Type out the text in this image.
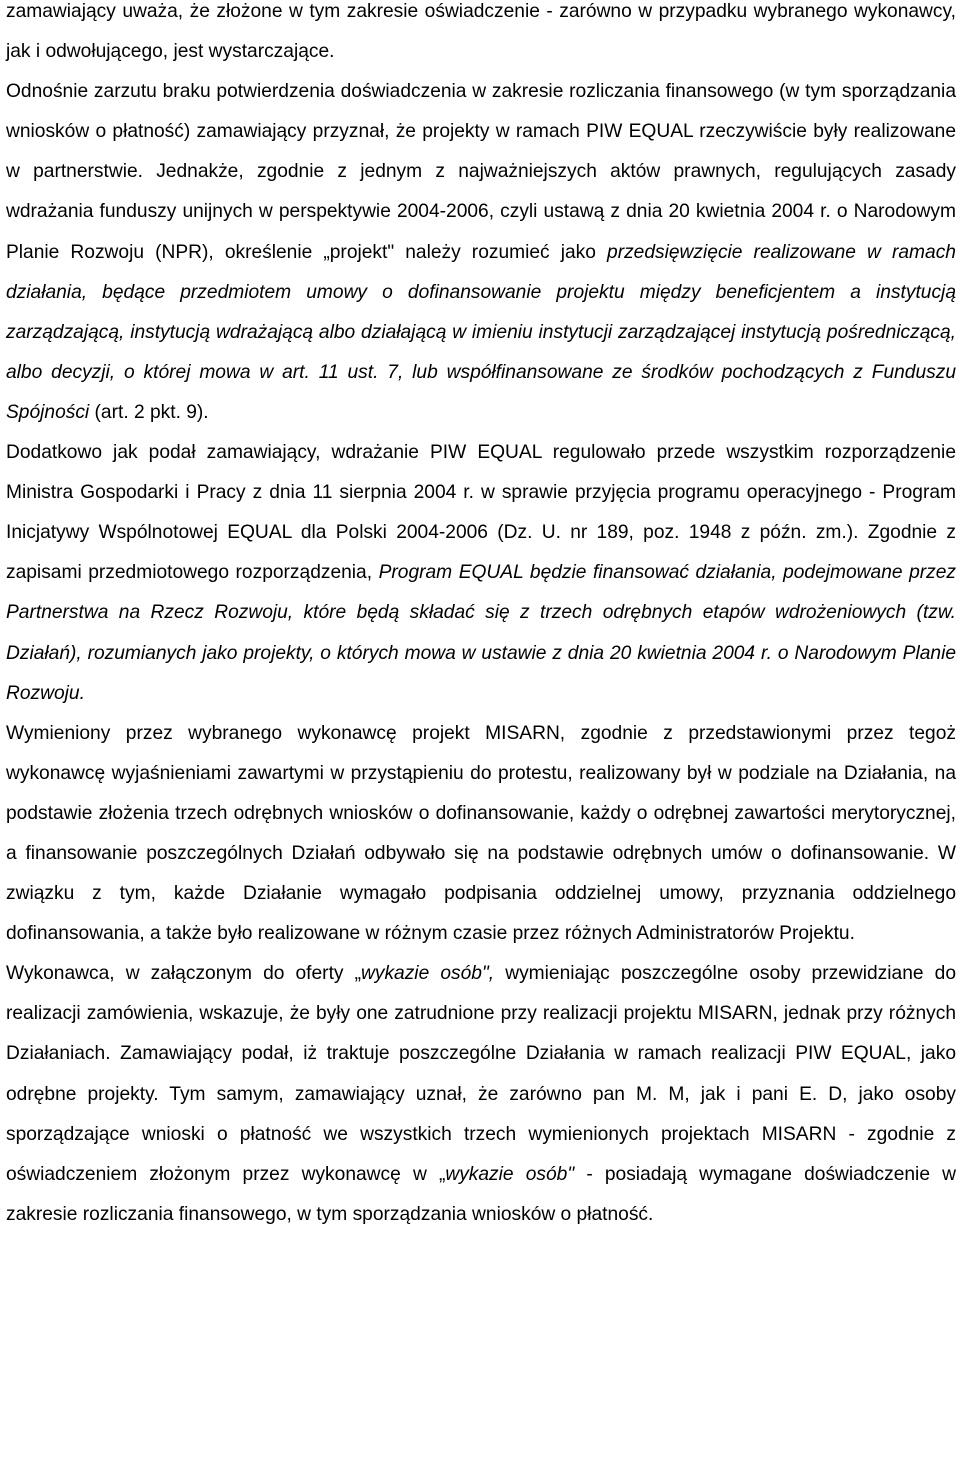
zamawiający uważa, że złożone w tym zakresie oświadczenie - zarówno w przypadku wybranego wykonawcy, jak i odwołującego, jest wystarczające.

Odnośnie zarzutu braku potwierdzenia doświadczenia w zakresie rozliczania finansowego (w tym sporządzania wniosków o płatność) zamawiający przyznał, że projekty w ramach PIW EQUAL rzeczywiście były realizowane w partnerstwie. Jednakże, zgodnie z jednym z najważniejszych aktów prawnych, regulujących zasady wdrażania funduszy unijnych w perspektywie 2004-2006, czyli ustawą z dnia 20 kwietnia 2004 r. o Narodowym Planie Rozwoju (NPR), określenie „projekt" należy rozumieć jako przedsięwzięcie realizowane w ramach działania, będące przedmiotem umowy o dofinansowanie projektu między beneficjentem a instytucją zarządzającą, instytucją wdrażającą albo działającą w imieniu instytucji zarządzającej instytucją pośredniczącą, albo decyzji, o której mowa w art. 11 ust. 7, lub współfinansowane ze środków pochodzących z Funduszu Spójności (art. 2 pkt. 9).

Dodatkowo jak podał zamawiający, wdrażanie PIW EQUAL regulowało przede wszystkim rozporządzenie Ministra Gospodarki i Pracy z dnia 11 sierpnia 2004 r. w sprawie przyjęcia programu operacyjnego - Program Inicjatywy Wspólnotowej EQUAL dla Polski 2004-2006 (Dz. U. nr 189, poz. 1948 z późn. zm.). Zgodnie z zapisami przedmiotowego rozporządzenia, Program EQUAL będzie finansować działania, podejmowane przez Partnerstwa na Rzecz Rozwoju, które będą składać się z trzech odrębnych etapów wdrożeniowych (tzw. Działań), rozumianych jako projekty, o których mowa w ustawie z dnia 20 kwietnia 2004 r. o Narodowym Planie Rozwoju.

Wymieniony przez wybranego wykonawcę projekt MISARN, zgodnie z przedstawionymi przez tegoż wykonawcę wyjaśnieniami zawartymi w przystąpieniu do protestu, realizowany był w podziale na Działania, na podstawie złożenia trzech odrębnych wniosków o dofinansowanie, każdy o odrębnej zawartości merytorycznej, a finansowanie poszczególnych Działań odbywało się na podstawie odrębnych umów o dofinansowanie. W związku z tym, każde Działanie wymagało podpisania oddzielnej umowy, przyznania oddzielnego dofinansowania, a także było realizowane w różnym czasie przez różnych Administratorów Projektu.

Wykonawca, w załączonym do oferty „wykazie osób", wymieniając poszczególne osoby przewidziane do realizacji zamówienia, wskazuje, że były one zatrudnione przy realizacji projektu MISARN, jednak przy różnych Działaniach. Zamawiający podał, iż traktuje poszczególne Działania w ramach realizacji PIW EQUAL, jako odrębne projekty. Tym samym, zamawiający uznał, że zarówno pan M. M, jak i pani E. D, jako osoby sporządzające wnioski o płatność we wszystkich trzech wymienionych projektach MISARN - zgodnie z oświadczeniem złożonym przez wykonawcę w „wykazie osób" - posiadają wymagane doświadczenie w zakresie rozliczania finansowego, w tym sporządzania wniosków o płatność.
